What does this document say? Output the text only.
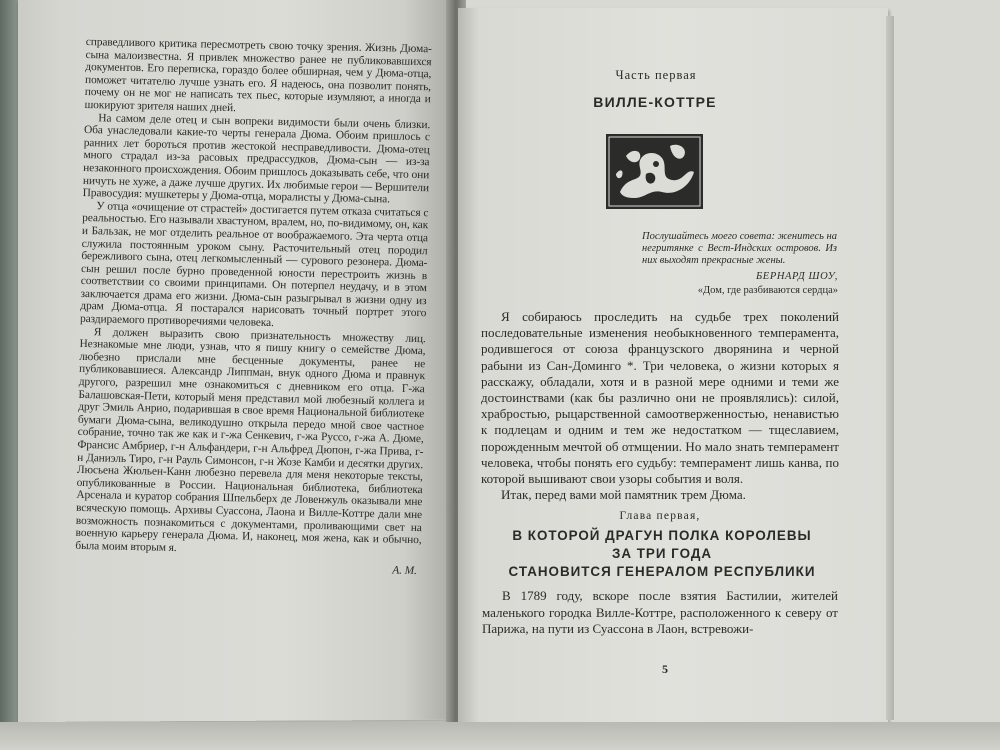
справедливого критика пересмотреть свою точку зрения. Жизнь Дюма-сына малоизвестна. Я привлек множество ранее не публиковавшихся документов. Его переписка, гораздо более обширная, чем у Дюма-отца, поможет читателю лучше узнать его. Я надеюсь, она позволит понять, почему он не мог не написать тех пьес, которые изумляют, а иногда и шокируют зрителя наших дней.

На самом деле отец и сын вопреки видимости были очень близки. Оба унаследовали какие-то черты генерала Дюма. Обоим пришлось с ранних лет бороться против жестокой несправедливости. Дюма-отец много страдал из-за расовых предрассудков, Дюма-сын — из-за незаконного происхождения. Обоим пришлось доказывать себе, что они ничуть не хуже, а даже лучше других. Их любимые герои — Вершители Правосудия: мушкетеры у Дюма-отца, моралисты у Дюма-сына.

У отца «очищение от страстей» достигается путем отказа считаться с реальностью. Его называли хвастуном, вралем, но, по-видимому, он, как и Бальзак, не мог отделить реальное от воображаемого. Эта черта отца служила постоянным уроком сыну. Расточительный отец породил бережливого сына, отец легкомысленный — сурового резонера. Дюма-сын решил после бурно проведенной юности перестроить жизнь в соответствии со своими принципами. Он потерпел неудачу, и в этом заключается драма его жизни. Дюма-сын разыгрывал в жизни одну из драм Дюма-отца. Я постарался нарисовать точный портрет этого раздираемого противоречиями человека.

Я должен выразить свою признательность множеству лиц. Незнакомые мне люди, узнав, что я пишу книгу о семействе Дюма, любезно прислали мне бесценные документы, ранее не публиковавшиеся. Александр Липпман, внук одного Дюма и правнук другого, разрешил мне ознакомиться с дневником его отца. Г-жа Балашовская-Пети, который меня представил мой любезный коллега и друг Эмиль Анрио, подарившая в свое время Национальной библиотеке бумаги Дюма-сына, великодушно открыла передо мной свое частное собрание, точно так же как и г-жа Сенкевич, г-жа Руссо, г-жа А. Дюме, Франсис Амбриер, г-н Альфандери, г-н Альфред Дюпон, г-жа Прива, г-н Даниэль Тиро, г-н Рауль Симонсон, г-н Жозе Камби и десятки других. Люсьена Жюльен-Канн любезно перевела для меня некоторые тексты, опубликованные в России. Национальная библиотека, библиотека Арсенала и куратор собрания Шпельберх де Ловенжуль оказывали мне всяческую помощь. Архивы Суассона, Лаона и Вилле-Коттре дали мне возможность познакомиться с документами, проливающими свет на военную карьеру генерала Дюма. И, наконец, моя жена, как и обычно, была моим вторым я.

А. М.
Часть первая
ВИЛЛЕ-КОТТРЕ
Послушайтесь моего совета: женитесь на негритянке с Вест-Индских островов. Из них выходят прекрасные жены.
БЕРНАРД ШОУ,
«Дом, где разбиваются сердца»

Я собираюсь проследить на судьбе трех поколений последовательные изменения необыкновенного темперамента, родившегося от союза французского дворянина и черной рабыни из Сан-Доминго *. Три человека, о жизни которых я расскажу, обладали, хотя и в разной мере одними и теми же достоинствами (как бы различно они не проявлялись): силой, храбростью, рыцарственной самоотверженностью, ненавистью к подлецам и одним и тем же недостатком — тщеславием, порожденным мечтой об отмщении. Но мало знать темперамент человека, чтобы понять его судьбу: темперамент лишь канва, по которой вышивают свои узоры события и воля.

Итак, перед вами мой памятник трем Дюма.

Глава первая,
В КОТОРОЙ ДРАГУН ПОЛКА КОРОЛЕВЫ
ЗА ТРИ ГОДА
СТАНОВИТСЯ ГЕНЕРАЛОМ РЕСПУБЛИКИ
В 1789 году, вскоре после взятия Бастилии, жителей маленького городка Вилле-Коттре, расположенного к северу от Парижа, на пути из Суассона в Лаон, встревожи-
5
